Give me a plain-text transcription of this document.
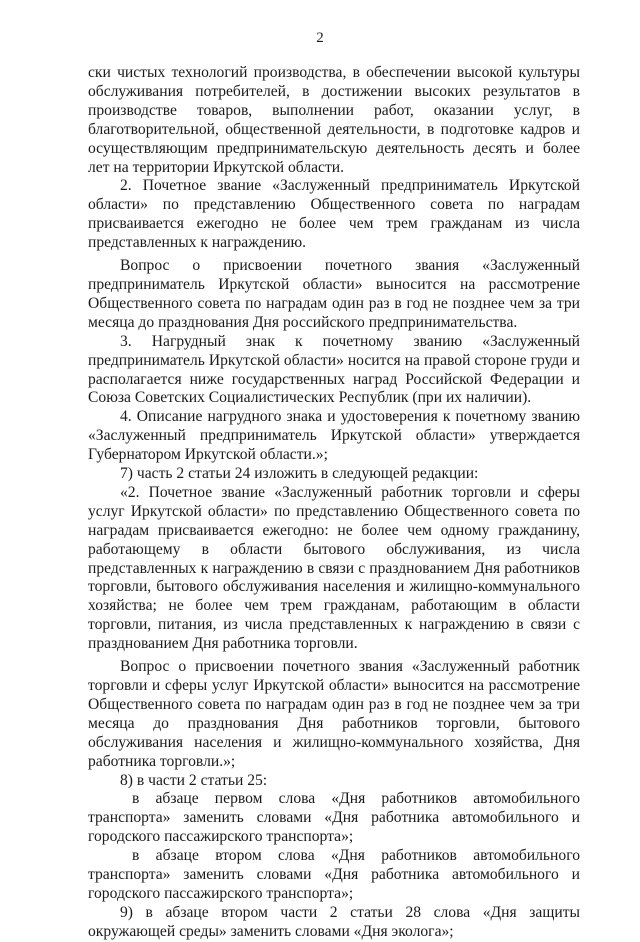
2

ски чистых технологий производства, в обеспечении высокой культуры обслуживания потребителей, в достижении высоких результатов в производстве товаров, выполнении работ, оказании услуг, в благотворительной, общественной деятельности, в подготовке кадров и осуществляющим предпринимательскую деятельность десять и более лет на территории Иркутской области.

2. Почетное звание «Заслуженный предприниматель Иркутской области» по представлению Общественного совета по наградам присваивается ежегодно не более чем трем гражданам из числа представленных к награждению.

Вопрос о присвоении почетного звания «Заслуженный предприниматель Иркутской области» выносится на рассмотрение Общественного совета по наградам один раз в год не позднее чем за три месяца до празднования Дня российского предпринимательства.

3. Нагрудный знак к почетному званию «Заслуженный предприниматель Иркутской области» носится на правой стороне груди и располагается ниже государственных наград Российской Федерации и Союза Советских Социалистических Республик (при их наличии).

4. Описание нагрудного знака и удостоверения к почетному званию «Заслуженный предприниматель Иркутской области» утверждается Губернатором Иркутской области.»;

7) часть 2 статьи 24 изложить в следующей редакции:

«2. Почетное звание «Заслуженный работник торговли и сферы услуг Иркутской области» по представлению Общественного совета по наградам присваивается ежегодно: не более чем одному гражданину, работающему в области бытового обслуживания, из числа представленных к награждению в связи с празднованием Дня работников торговли, бытового обслуживания населения и жилищно-коммунального хозяйства; не более чем трем гражданам, работающим в области торговли, питания, из числа представленных к награждению в связи с празднованием Дня работника торговли.

Вопрос о присвоении почетного звания «Заслуженный работник торговли и сферы услуг Иркутской области» выносится на рассмотрение Общественного совета по наградам один раз в год не позднее чем за три месяца до празднования Дня работников торговли, бытового обслуживания населения и жилищно-коммунального хозяйства, Дня работника торговли.»;

8) в части 2 статьи 25:

в абзаце первом слова «Дня работников автомобильного транспорта» заменить словами «Дня работника автомобильного и городского пассажирского транспорта»;

в абзаце втором слова «Дня работников автомобильного транспорта» заменить словами «Дня работника автомобильного и городского пассажирского транспорта»;

9) в абзаце втором части 2 статьи 28 слова «Дня защиты окружающей среды» заменить словами «Дня эколога»;
